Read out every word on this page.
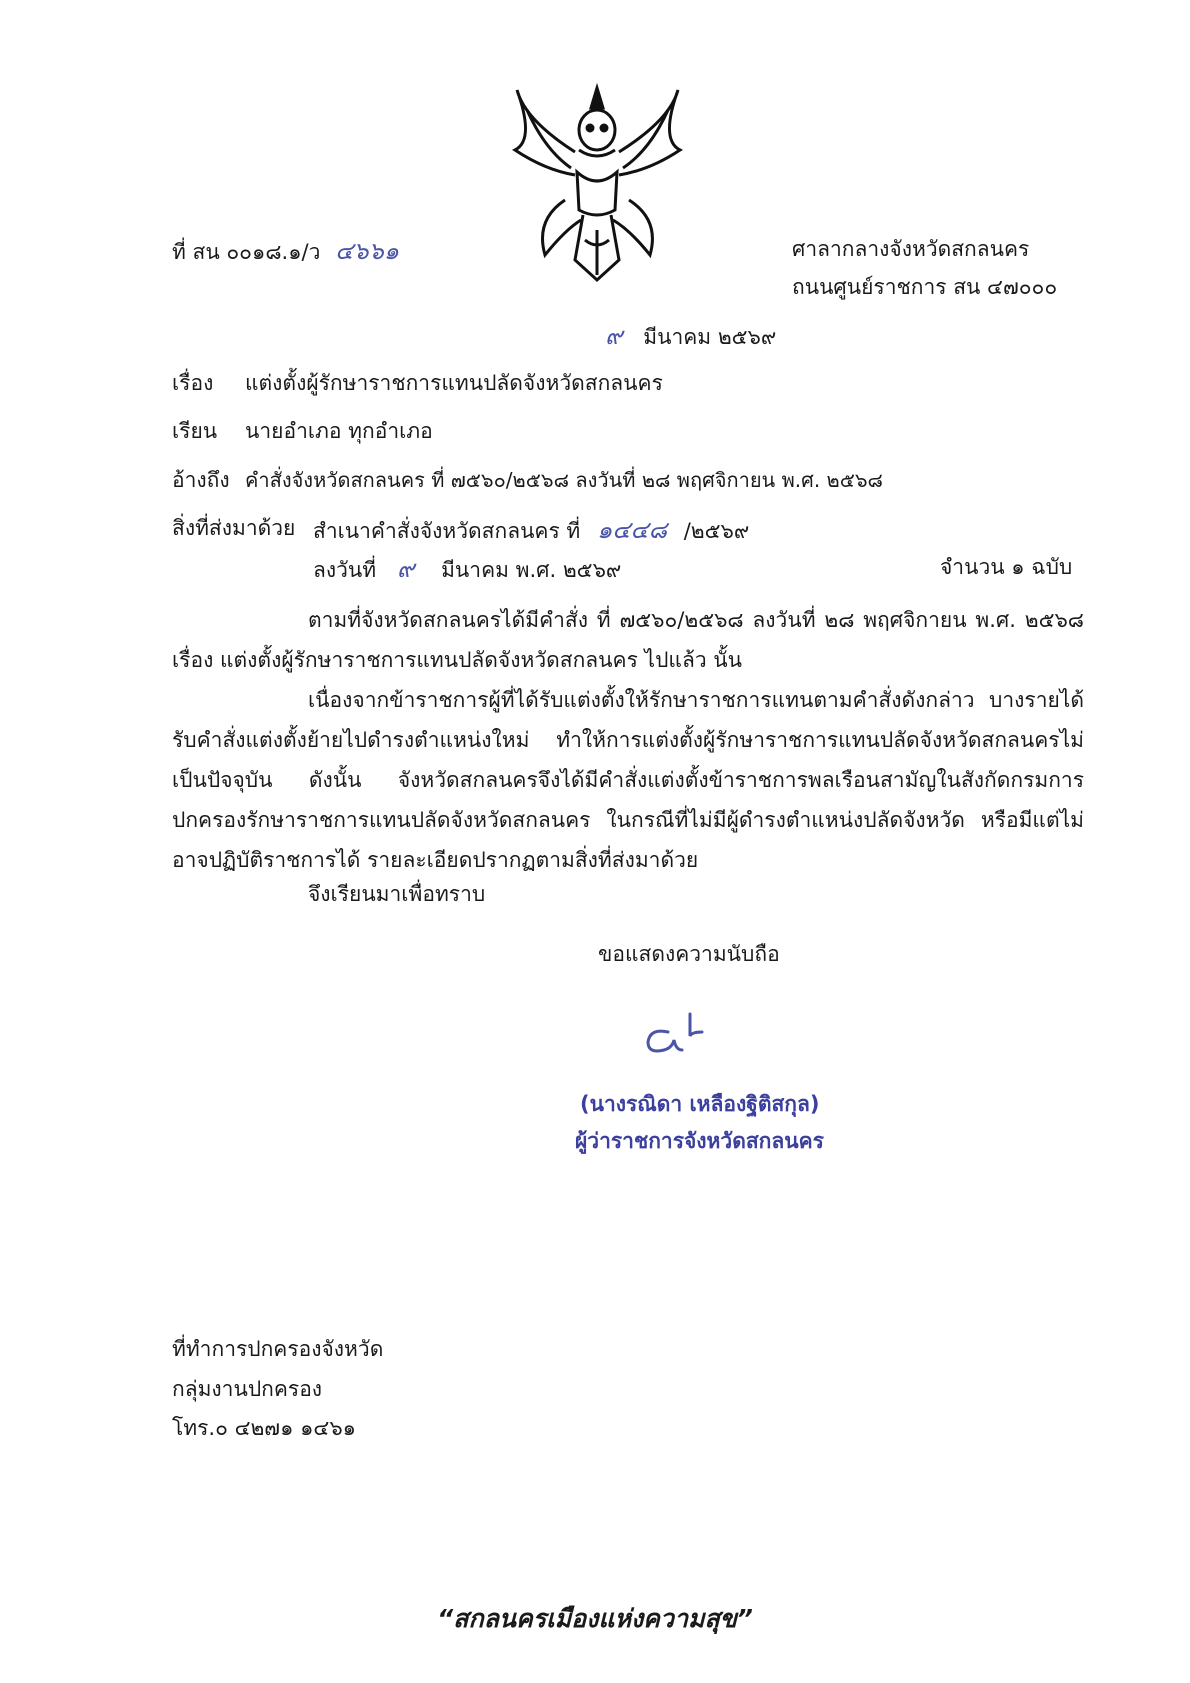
ที่ สน ๐๐๑๘.๑/ว ๔๖๖๑	ศาลากลางจังหวัดสกลนคร
ถนนศูนย์ราชการ สน ๔๗๐๐๐
๙ มีนาคม ๒๕๖๙
เรื่อง แต่งตั้งผู้รักษาราชการแทนปลัดจังหวัดสกลนคร
เรียน นายอำเภอ ทุกอำเภอ
อ้างถึง คำสั่งจังหวัดสกลนคร ที่ ๗๕๖๐/๒๕๖๘ ลงวันที่ ๒๘ พฤศจิกายน พ.ศ. ๒๕๖๘
สิ่งที่ส่งมาด้วย สำเนาคำสั่งจังหวัดสกลนคร ที่ ๑๔๔๘ /๒๕๖๙
ลงวันที่ ๙ มีนาคม พ.ศ. ๒๕๖๙	จำนวน ๑ ฉบับ
ตามที่จังหวัดสกลนครได้มีคำสั่ง ที่ ๗๕๖๐/๒๕๖๘ ลงวันที่ ๒๘ พฤศจิกายน พ.ศ. ๒๕๖๘ เรื่อง แต่งตั้งผู้รักษาราชการแทนปลัดจังหวัดสกลนคร ไปแล้ว นั้น
เนื่องจากข้าราชการผู้ที่ได้รับแต่งตั้งให้รักษาราชการแทนตามคำสั่งดังกล่าว บางรายได้รับคำสั่งแต่งตั้งย้ายไปดำรงตำแหน่งใหม่ ทำให้การแต่งตั้งผู้รักษาราชการแทนปลัดจังหวัดสกลนครไม่เป็นปัจจุบัน ดังนั้น จังหวัดสกลนครจึงได้มีคำสั่งแต่งตั้งข้าราชการพลเรือนสามัญในสังกัดกรมการปกครองรักษาราชการแทนปลัดจังหวัดสกลนคร ในกรณีที่ไม่มีผู้ดำรงตำแหน่งปลัดจังหวัด หรือมีแต่ไม่อาจปฏิบัติราชการได้ รายละเอียดปรากฏตามสิ่งที่ส่งมาด้วย
จึงเรียนมาเพื่อทราบ
ขอแสดงความนับถือ
(นางรณิดา เหลืองฐิติสกุล)
ผู้ว่าราชการจังหวัดสกลนคร
ที่ทำการปกครองจังหวัด
กลุ่มงานปกครอง
โทร.๐ ๔๒๗๑ ๑๔๖๑
“สกลนครเมืองแห่งความสุข”
